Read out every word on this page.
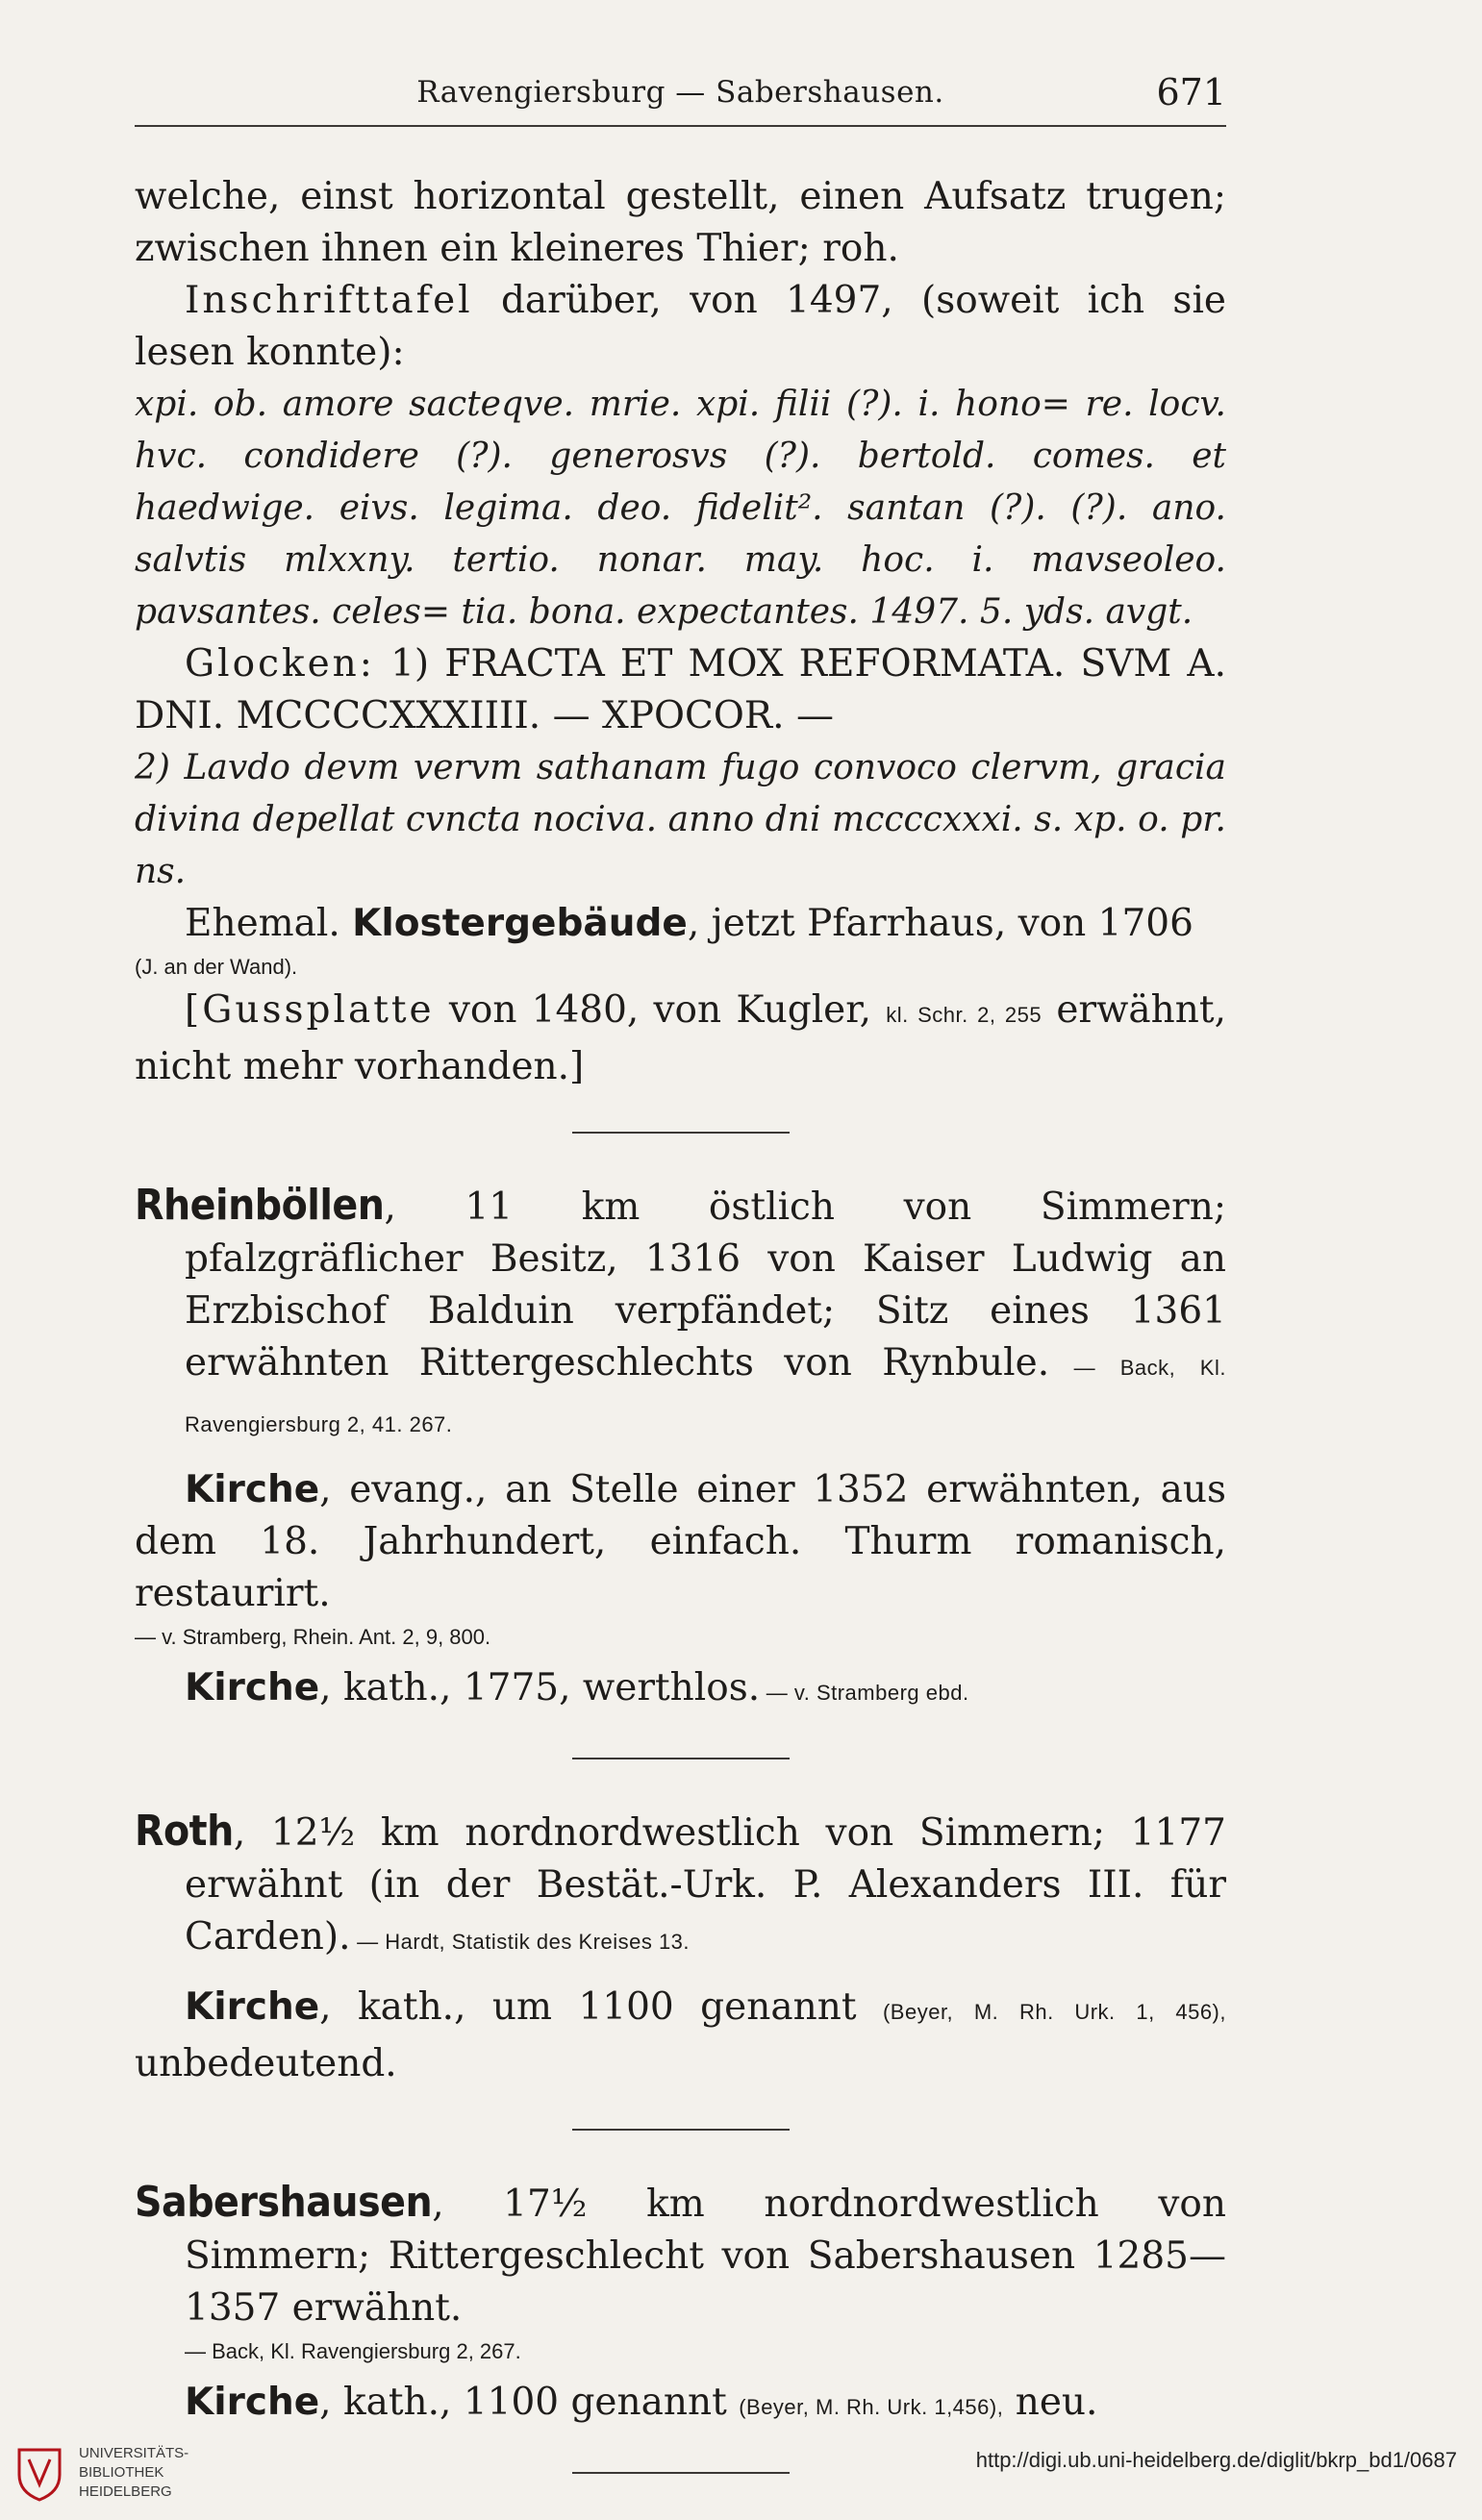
Ravengiersburg — Sabershausen.	671

welche, einst horizontal gestellt, einen Aufsatz trugen; zwischen ihnen ein kleineres Thier; roh.

Inschrifttafel darüber, von 1497, (soweit ich sie lesen konnte):

xpi. ob. amore sacteqve. mrie. xpi. filii (?). i. hono= re. locv. hvc. condidere (?). generosvs (?). bertold. comes. et haedwige. eivs. legima. deo. fidelit². santan (?). (?). ano. salvtis mlxxny. tertio. nonar. may. hoc. i. mavseoleo. pavsantes. celes= tia. bona. expectantes. 1497. 5. yds. avgt.

Glocken: 1) FRACTA ET MOX REFORMATA. SVM A. DNI. MCCCCXXXIIII. — XPOCOR. —

2) Lavdo devm vervm sathanam fugo convoco clervm, gracia divina depellat cvncta nociva. anno dni mccccxxxi. s. xp. o. pr. ns.

Ehemal. Klostergebäude, jetzt Pfarrhaus, von 1706

(J. an der Wand).

[Gussplatte von 1480, von Kugler, kl. Schr. 2, 255 erwähnt, nicht mehr vorhanden.]

Rheinböllen, 11 km östlich von Simmern; pfalzgräflicher Besitz, 1316 von Kaiser Ludwig an Erzbischof Balduin verpfändet; Sitz eines 1361 erwähnten Rittergeschlechts von Rynbule. — Back, Kl. Ravengiersburg 2, 41. 267.

Kirche, evang., an Stelle einer 1352 erwähnten, aus dem 18. Jahrhundert, einfach. Thurm romanisch, restaurirt.

— v. Stramberg, Rhein. Ant. 2, 9, 800.

Kirche, kath., 1775, werthlos. — v. Stramberg ebd.

Roth, 12½ km nordnordwestlich von Simmern; 1177 erwähnt (in der Bestät.-Urk. P. Alexanders III. für Carden). — Hardt, Statistik des Kreises 13.

Kirche, kath., um 1100 genannt (Beyer, M. Rh. Urk. 1, 456), unbedeutend.

Sabershausen, 17½ km nordnordwestlich von Simmern; Rittergeschlecht von Sabershausen 1285—1357 erwähnt.

— Back, Kl. Ravengiersburg 2, 267.

Kirche, kath., 1100 genannt (Beyer, M. Rh. Urk. 1,456), neu.

UNIVERSITÄTS-
BIBLIOTHEK
HEIDELBERG
http://digi.ub.uni-heidelberg.de/diglit/bkrp_bd1/0687
